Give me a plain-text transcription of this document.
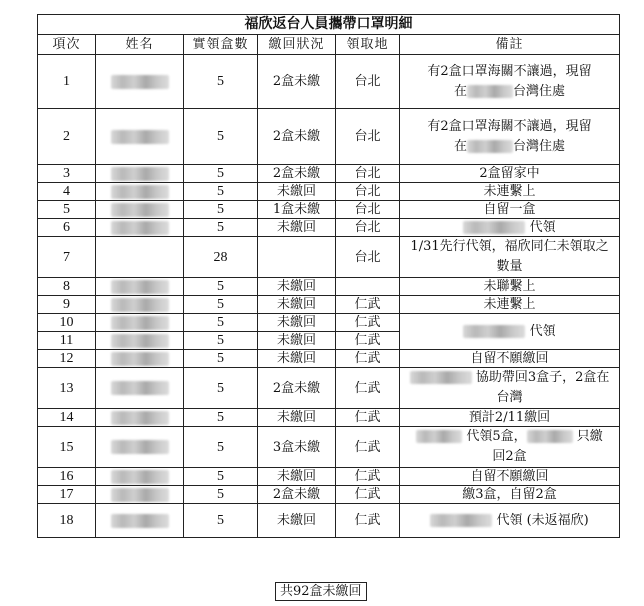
福欣返台人員攜帶口罩明細					
項次	姓名	實領盒數	繳回狀況	領取地	備註
1		5	2盒未繳	台北	有2盒口罩海關不讓過，現留
在 台灣住處
2		5	2盒未繳	台北	有2盒口罩海關不讓過，現留
在 台灣住處
3		5	2盒未繳	台北	2盒留家中
4		5	未繳回	台北	未連繫上
5		5	1盒未繳	台北	自留一盒
6		5	未繳回	台北	代領
7		28		台北	1/31先行代領，福欣同仁未領取之數量
8		5	未繳回		未聯繫上
9		5	未繳回	仁武	未連繫上
10		5	未繳回	仁武	代領
11		5	未繳回	仁武	
12		5	未繳回	仁武	自留不願繳回
13		5	2盒未繳	仁武	協助帶回3盒子，2盒在
台灣
14		5	未繳回	仁武	預計2/11繳回
15		5	3盒未繳	仁武	代領5盒， 只繳
回2盒
16		5	未繳回	仁武	自留不願繳回
17		5	2盒未繳	仁武	繳3盒，自留2盒
18		5	未繳回	仁武	代領 (未返福欣)
共92盒未繳回
